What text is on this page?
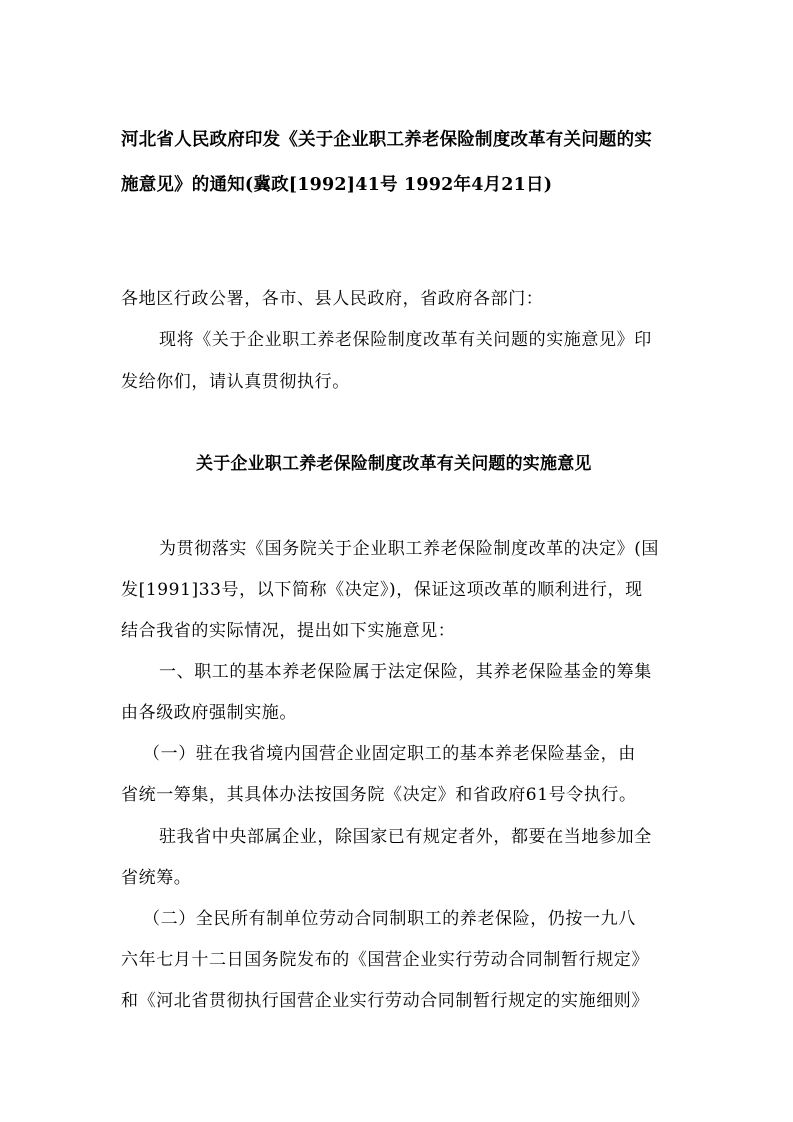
河北省人民政府印发《关于企业职工养老保险制度改革有关问题的实

施意见》的通知(冀政[1992]41号 1992年4月21日)

各地区行政公署，各市、县人民政府，省政府各部门：

现将《关于企业职工养老保险制度改革有关问题的实施意见》印

发给你们，请认真贯彻执行。

关于企业职工养老保险制度改革有关问题的实施意见

为贯彻落实《国务院关于企业职工养老保险制度改革的决定》(国

发[1991]33号，以下简称《决定》)，保证这项改革的顺利进行，现

结合我省的实际情况，提出如下实施意见：

一、职工的基本养老保险属于法定保险，其养老保险基金的筹集

由各级政府强制实施。

（一）驻在我省境内国营企业固定职工的基本养老保险基金，由

省统一筹集，其具体办法按国务院《决定》和省政府61号令执行。

驻我省中央部属企业，除国家已有规定者外，都要在当地参加全

省统筹。

（二）全民所有制单位劳动合同制职工的养老保险，仍按一九八

六年七月十二日国务院发布的《国营企业实行劳动合同制暂行规定》

和《河北省贯彻执行国营企业实行劳动合同制暂行规定的实施细则》
